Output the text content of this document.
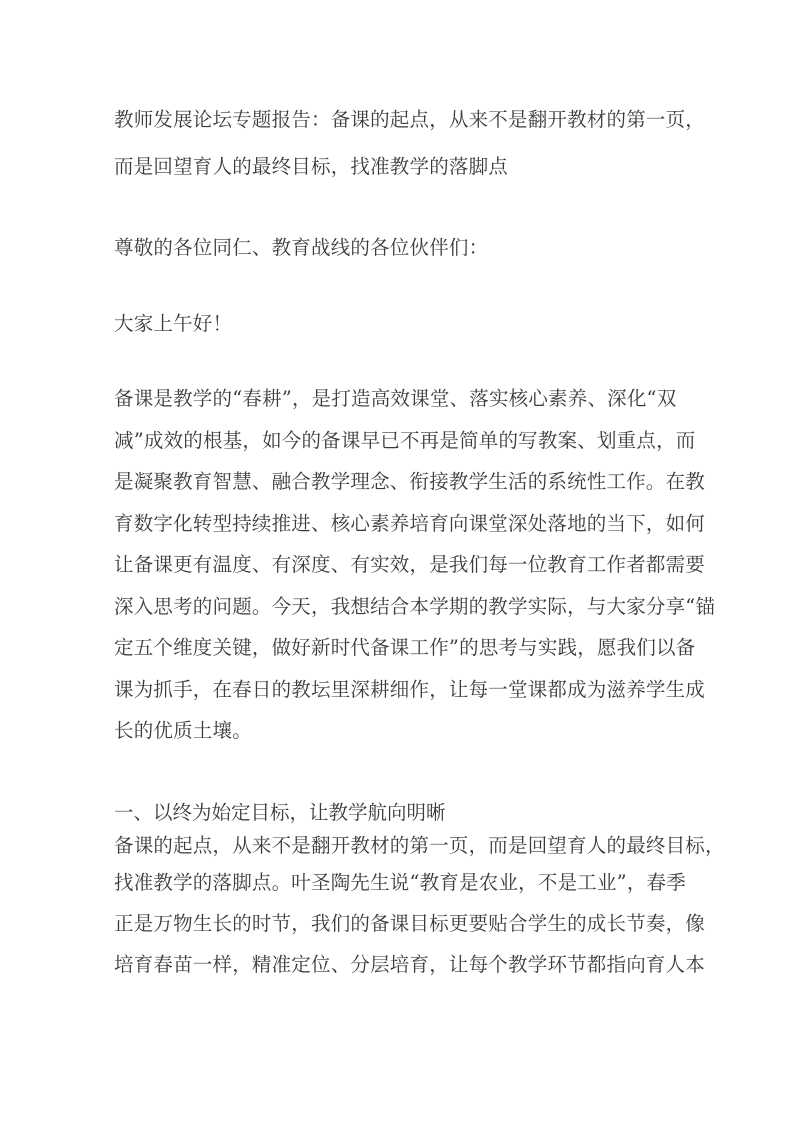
教师发展论坛专题报告：备课的起点，从来不是翻开教材的第一页，
而是回望育人的最终目标，找准教学的落脚点
尊敬的各位同仁、教育战线的各位伙伴们：
大家上午好！
备课是教学的“春耕”，是打造高效课堂、落实核心素养、深化“双
减”成效的根基，如今的备课早已不再是简单的写教案、划重点，而
是凝聚教育智慧、融合教学理念、衔接教学生活的系统性工作。在教
育数字化转型持续推进、核心素养培育向课堂深处落地的当下，如何
让备课更有温度、有深度、有实效，是我们每一位教育工作者都需要
深入思考的问题。今天，我想结合本学期的教学实际，与大家分享“锚
定五个维度关键，做好新时代备课工作”的思考与实践，愿我们以备
课为抓手，在春日的教坛里深耕细作，让每一堂课都成为滋养学生成
长的优质土壤。
一、以终为始定目标，让教学航向明晰
备课的起点，从来不是翻开教材的第一页，而是回望育人的最终目标，
找准教学的落脚点。叶圣陶先生说“教育是农业，不是工业”，春季
正是万物生长的时节，我们的备课目标更要贴合学生的成长节奏，像
培育春苗一样，精准定位、分层培育，让每个教学环节都指向育人本
